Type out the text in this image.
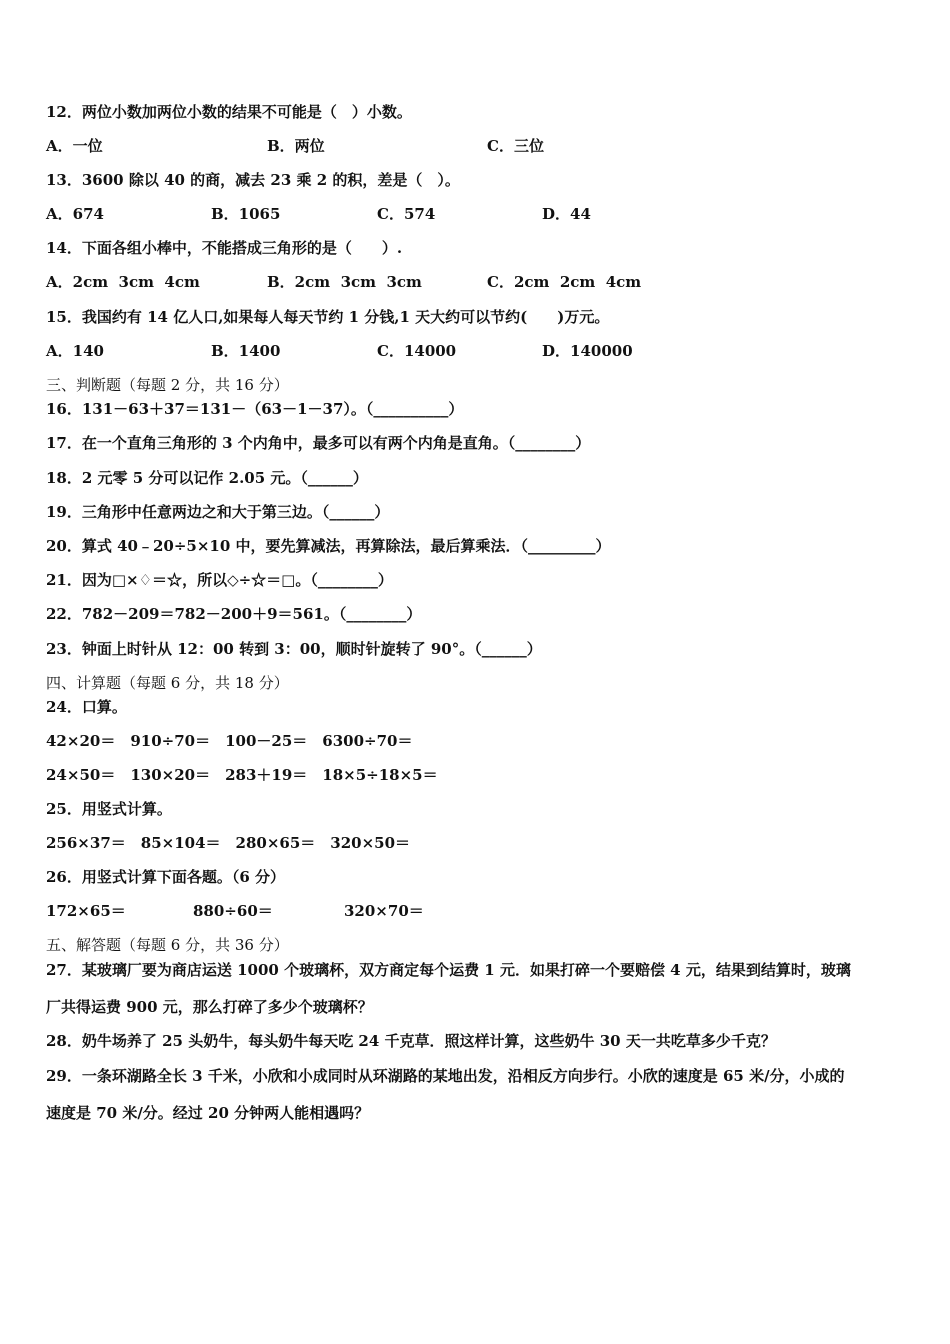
12．两位小数加两位小数的结果不可能是（　）小数。
A．一位	B．两位	C．三位
13．3600 除以 40 的商，减去 23 乘 2 的积，差是（　）。
A．674	B．1065	C．574	D．44
14．下面各组小棒中，不能搭成三角形的是（　　）.
A．2cm  3cm  4cm	B．2cm  3cm  3cm	C．2cm  2cm  4cm
15．我国约有 14 亿人口,如果每人每天节约 1 分钱,1 天大约可以节约(　　)万元。
A．140	B．1400	C．14000	D．140000
三、判断题（每题 2 分，共 16 分）
16．131－63＋37＝131－（63－1－37）。（__________）
17．在一个直角三角形的 3 个内角中，最多可以有两个内角是直角。（________）
18．2 元零 5 分可以记作 2.05 元。（______）
19．三角形中任意两边之和大于第三边。（______）
20．算式 40﹣20÷5×10 中，要先算减法，再算除法，最后算乘法．（_________）
21．因为□×♢＝☆，所以◇÷☆＝□。（________）
22．782－209＝782－200＋9＝561。（________）
23．钟面上时针从 12：00 转到 3：00，顺时针旋转了 90°。（______）
四、计算题（每题 6 分，共 18 分）
24．口算。
42×20＝　910÷70＝　100－25＝　6300÷70＝
24×50＝　130×20＝　283＋19＝　18×5÷18×5＝
25．用竖式计算。
256×37＝　85×104＝　280×65＝　320×50＝
26．用竖式计算下面各题。（6 分）
172×65＝	880÷60＝	320×70＝
五、解答题（每题 6 分，共 36 分）
27．某玻璃厂要为商店运送 1000 个玻璃杯，双方商定每个运费 1 元．如果打碎一个要赔偿 4 元，结果到结算时，玻璃
厂共得运费 900 元，那么打碎了多少个玻璃杯？
28．奶牛场养了 25 头奶牛，每头奶牛每天吃 24 千克草．照这样计算，这些奶牛 30 天一共吃草多少千克？
29．一条环湖路全长 3 千米，小欣和小成同时从环湖路的某地出发，沿相反方向步行。小欣的速度是 65 米/分，小成的
速度是 70 米/分。经过 20 分钟两人能相遇吗？
